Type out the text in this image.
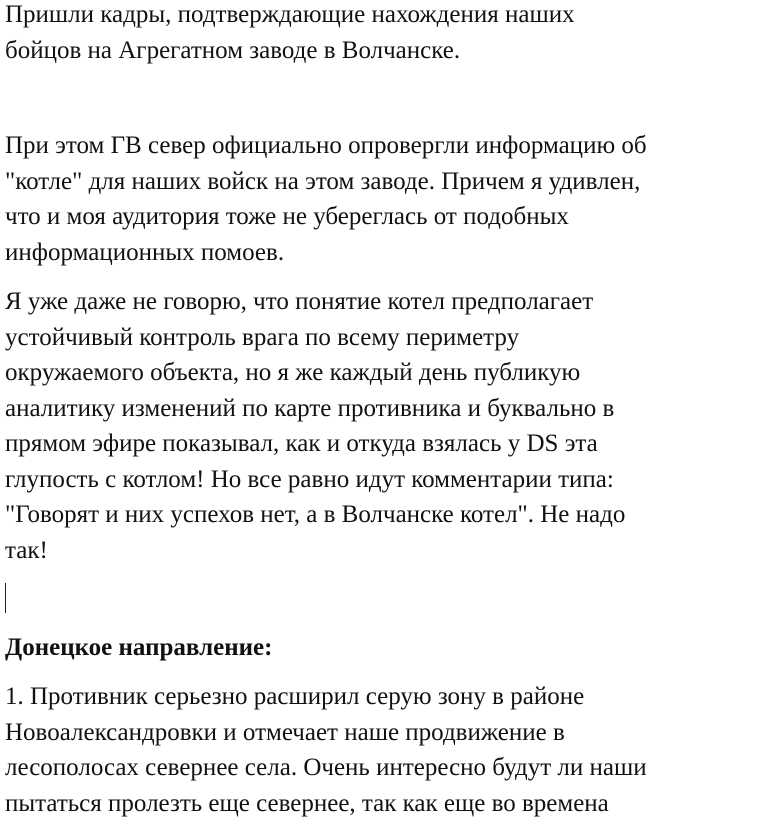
Пришли кадры, подтверждающие нахождения наших
бойцов на Агрегатном заводе в Волчанске.

При этом ГВ север официально опровергли информацию об
"котле" для наших войск на этом заводе. Причем я удивлен,
что и моя аудитория тоже не уберeглась от подобных
информационных помоев.

Я уже даже не говорю, что понятие котел предполагает
устойчивый контроль врага по всему периметру
окружаемого объекта, но я же каждый день публикую
аналитику изменений по карте противника и буквально в
прямом эфире показывал, как и откуда взялась у DS эта
глупость с котлом! Но все равно идут комментарии типа:
"Говорят и них успехов нет, а в Волчанске котел". Не надо
так!

Донецкое направление:

1. Противник серьезно расширил серую зону в районе
Новоалександровки и отмечает наше продвижение в
лесополосах севернее села. Очень интересно будут ли наши
пытаться пролезть еще севернее, так как еще во времена
